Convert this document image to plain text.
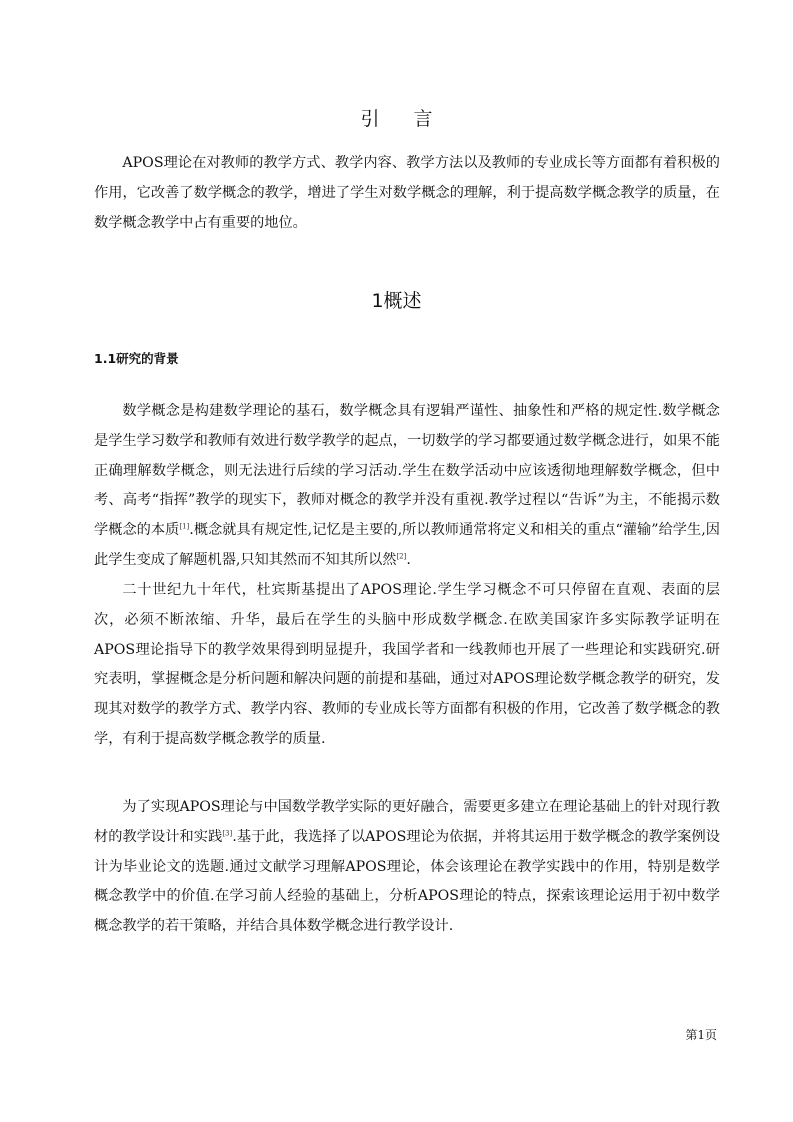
引 言

APOS理论在对教师的教学方式、教学内容、教学方法以及教师的专业成长等方面都有着积极的作用，它改善了数学概念的教学，增进了学生对数学概念的理解，利于提高数学概念教学的质量，在数学概念教学中占有重要的地位。

1概述
1.1研究的背景

数学概念是构建数学理论的基石，数学概念具有逻辑严谨性、抽象性和严格的规定性.数学概念是学生学习数学和教师有效进行数学教学的起点，一切数学的学习都要通过数学概念进行，如果不能正确理解数学概念，则无法进行后续的学习活动.学生在数学活动中应该透彻地理解数学概念，但中考、高考“指挥”教学的现实下，教师对概念的教学并没有重视.教学过程以“告诉”为主，不能揭示数学概念的本质[1].概念就具有规定性,记忆是主要的,所以教师通常将定义和相关的重点“灌输”给学生,因此学生变成了解题机器,只知其然而不知其所以然[2].

二十世纪九十年代，杜宾斯基提出了APOS理论.学生学习概念不可只停留在直观、表面的层次，必须不断浓缩、升华，最后在学生的头脑中形成数学概念.在欧美国家许多实际教学证明在APOS理论指导下的教学效果得到明显提升，我国学者和一线教师也开展了一些理论和实践研究.研究表明，掌握概念是分析问题和解决问题的前提和基础，通过对APOS理论数学概念教学的研究，发现其对数学的教学方式、教学内容、教师的专业成长等方面都有积极的作用，它改善了数学概念的教学，有利于提高数学概念教学的质量.

为了实现APOS理论与中国数学教学实际的更好融合，需要更多建立在理论基础上的针对现行教材的教学设计和实践[3].基于此，我选择了以APOS理论为依据，并将其运用于数学概念的教学案例设计为毕业论文的选题.通过文献学习理解APOS理论，体会该理论在教学实践中的作用，特别是数学概念教学中的价值.在学习前人经验的基础上，分析APOS理论的特点，探索该理论运用于初中数学概念教学的若干策略，并结合具体数学概念进行教学设计.

第1页
